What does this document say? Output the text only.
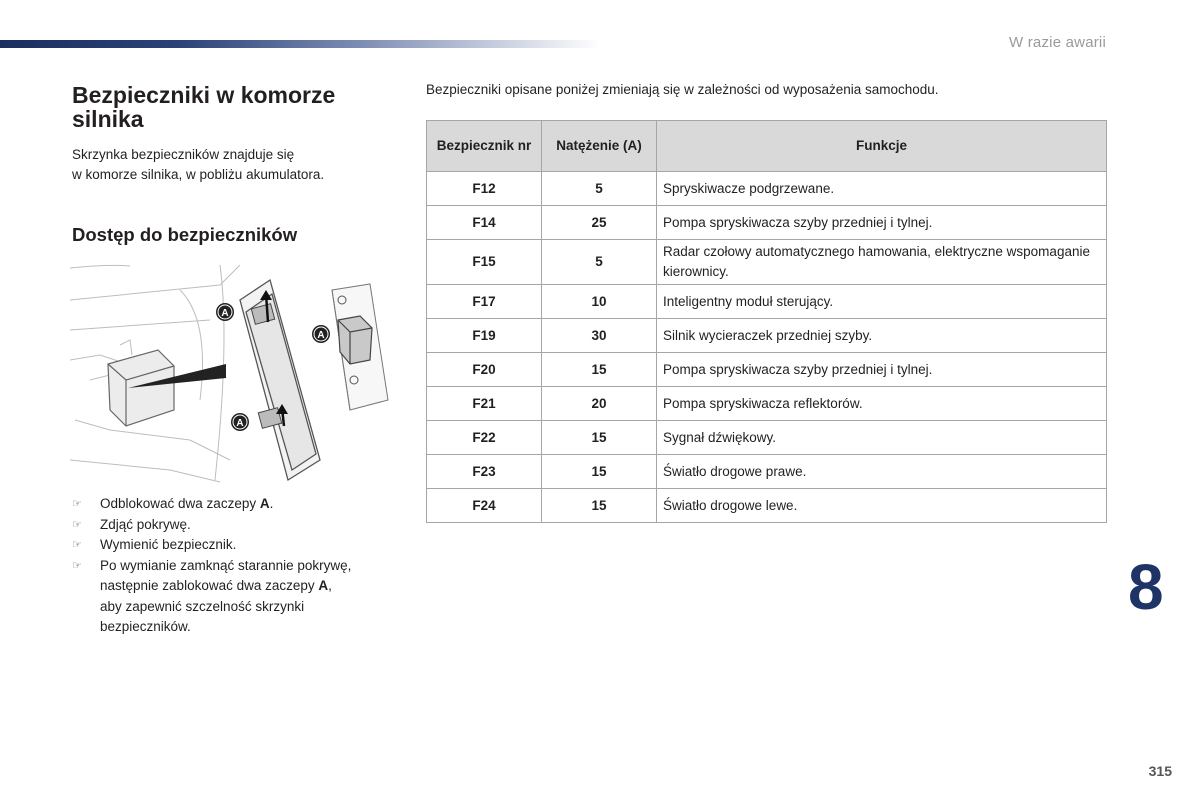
W razie awarii
Bezpieczniki w komorze silnika

Skrzynka bezpieczników znajduje się
w komorze silnika, w pobliżu akumulatora.

Dostęp do bezpieczników
A
A
A
☞ Odblokować dwa zaczepy A.
☞ Zdjąć pokrywę.
☞ Wymienić bezpiecznik.
☞ Po wymianie zamknąć starannie pokrywę,
następnie zablokować dwa zaczepy A,
aby zapewnić szczelność skrzynki
bezpieczników.

Bezpieczniki opisane poniżej zmieniają się w zależności od wyposażenia samochodu.

Bezpiecznik nr	Natężenie (A)	Funkcje
F12	5	Spryskiwacze podgrzewane.
F14	25	Pompa spryskiwacza szyby przedniej i tylnej.
F15	5	Radar czołowy automatycznego hamowania, elektryczne wspomaganie kierownicy.
F17	10	Inteligentny moduł sterujący.
F19	30	Silnik wycieraczek przedniej szyby.
F20	15	Pompa spryskiwacza szyby przedniej i tylnej.
F21	20	Pompa spryskiwacza reflektorów.
F22	15	Sygnał dźwiękowy.
F23	15	Światło drogowe prawe.
F24	15	Światło drogowe lewe.
8
315
